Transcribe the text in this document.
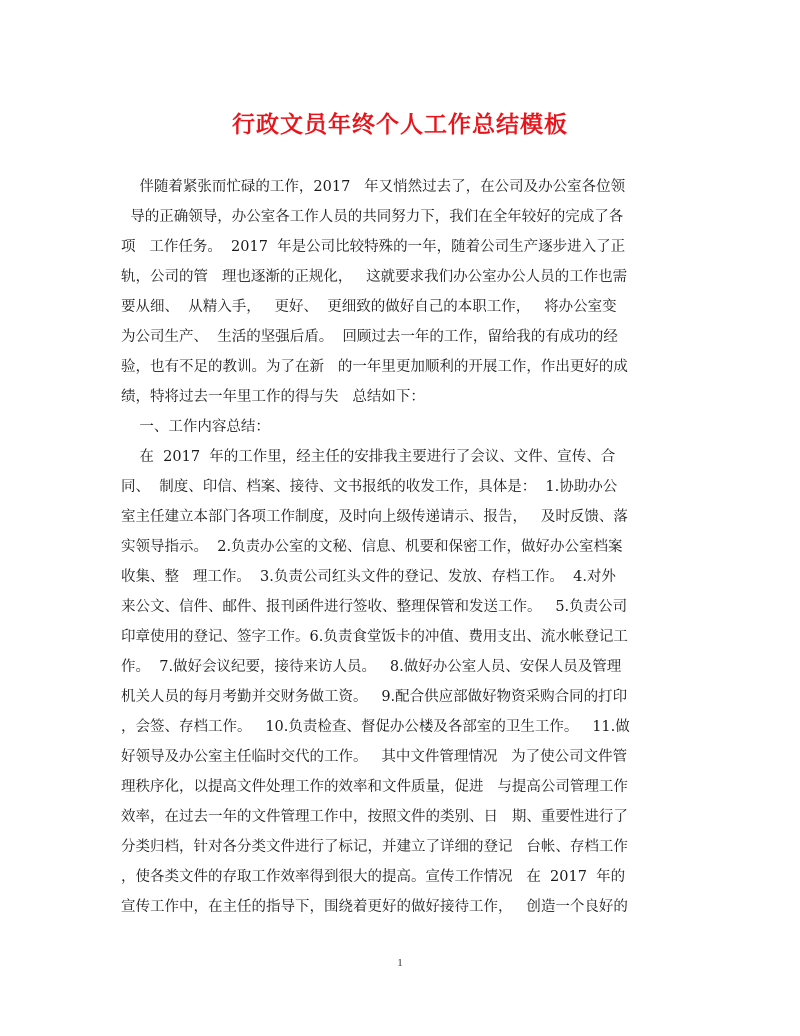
行政文员年终个人工作总结模板
伴随着紧张而忙碌的工作，2017   年又悄然过去了，在公司及办公室各位领
导的正确领导，办公室各工作人员的共同努力下，我们在全年较好的完成了各
项   工作任务。  2017  年是公司比较特殊的一年，随着公司生产逐步进入了正
轨，公司的管   理也逐渐的正规化，   这就要求我们办公室办公人员的工作也需
要从细、  从精入手，   更好、  更细致的做好自己的本职工作，   将办公室变
为公司生产、  生活的坚强后盾。  回顾过去一年的工作，留给我的有成功的经
验，也有不足的教训。为了在新   的一年里更加顺利的开展工作，作出更好的成
绩，特将过去一年里工作的得与失   总结如下：
一、工作内容总结：
在  2017  年的工作里，经主任的安排我主要进行了会议、文件、宣传、合
同、  制度、印信、档案、接待、文书报纸的收发工作，具体是：  1.协助办公
室主任建立本部门各项工作制度，及时向上级传递请示、报告，   及时反馈、落
实领导指示。  2.负责办公室的文秘、信息、机要和保密工作，做好办公室档案
收集、整   理工作。  3.负责公司红头文件的登记、发放、存档工作。  4.对外
来公文、信件、邮件、报刊函件进行签收、整理保管和发送工作。   5.负责公司
印章使用的登记、签字工作。6.负责食堂饭卡的冲值、费用支出、流水帐登记工
作。  7.做好会议纪要，接待来访人员。   8.做好办公室人员、安保人员及管理
机关人员的每月考勤并交财务做工资。   9.配合供应部做好物资采购合同的打印
，会签、存档工作。   10.负责检查、督促办公楼及各部室的卫生工作。   11.做
好领导及办公室主任临时交代的工作。   其中文件管理情况   为了使公司文件管
理秩序化，以提高文件处理工作的效率和文件质量，促进   与提高公司管理工作
效率，在过去一年的文件管理工作中，按照文件的类别、日   期、重要性进行了
分类归档，针对各分类文件进行了标记，并建立了详细的登记   台帐、存档工作
，使各类文件的存取工作效率得到很大的提高。宣传工作情况   在  2017  年的
宣传工作中，在主任的指导下，围绕着更好的做好接待工作，   创造一个良好的
1
